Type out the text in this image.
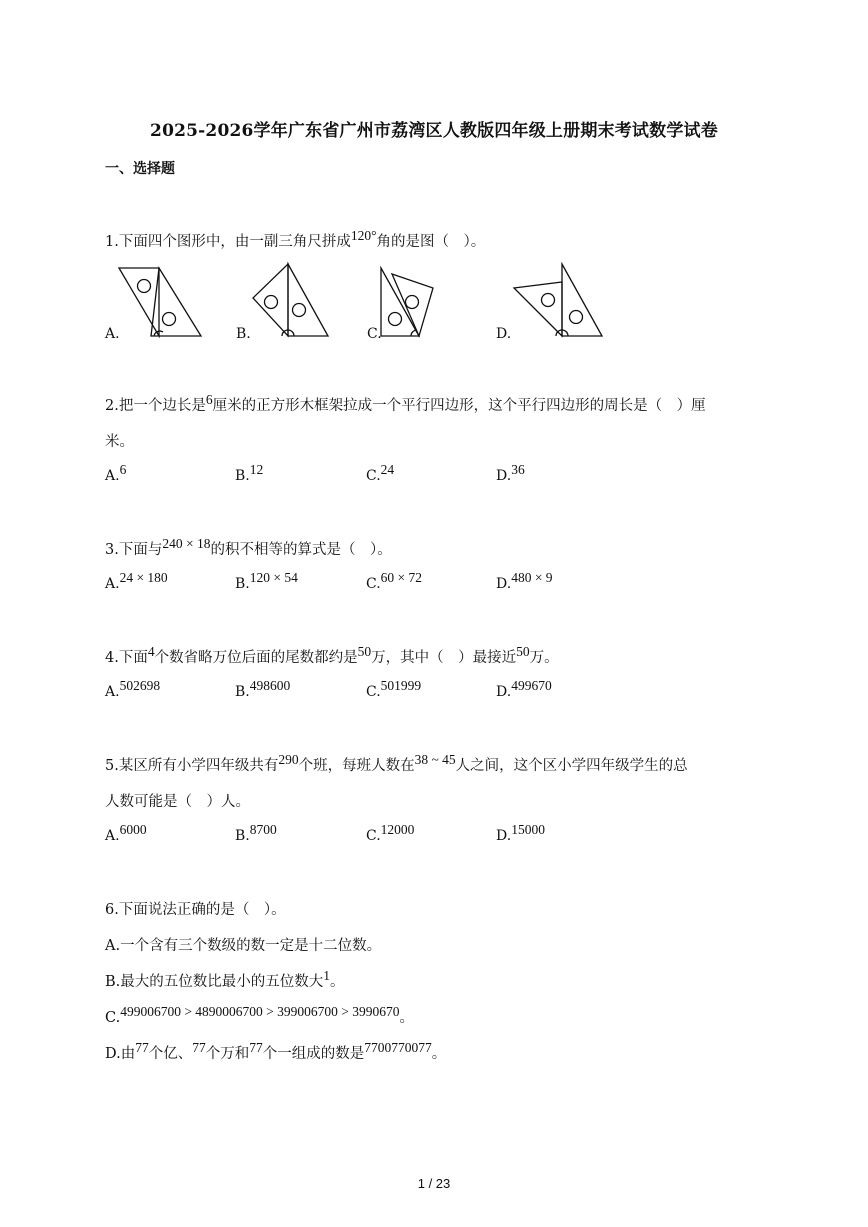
2025-2026学年广东省广州市荔湾区人教版四年级上册期末考试数学试卷
一、选择题
1.下面四个图形中，由一副三角尺拼成120°角的是图（　）。
A.	B.	C.	D.
2.把一个边长是6厘米的正方形木框架拉成一个平行四边形，这个平行四边形的周长是（　）厘
米。
A.6	B.12	C.24	D.36
3.下面与240 × 18的积不相等的算式是（　）。
A.24 × 180	B.120 × 54	C.60 × 72	D.480 × 9
4.下面4个数省略万位后面的尾数都约是50万，其中（　）最接近50万。
A.502698	B.498600	C.501999	D.499670
5.某区所有小学四年级共有290个班，每班人数在38 ~ 45人之间，这个区小学四年级学生的总
人数可能是（　）人。
A.6000	B.8700	C.12000	D.15000
6.下面说法正确的是（　）。
A.一个含有三个数级的数一定是十二位数。
B.最大的五位数比最小的五位数大1。
C.499006700 > 4890006700 > 399006700 > 3990670。
D.由77个亿、77个万和77个一组成的数是7700770077。
1 / 23
